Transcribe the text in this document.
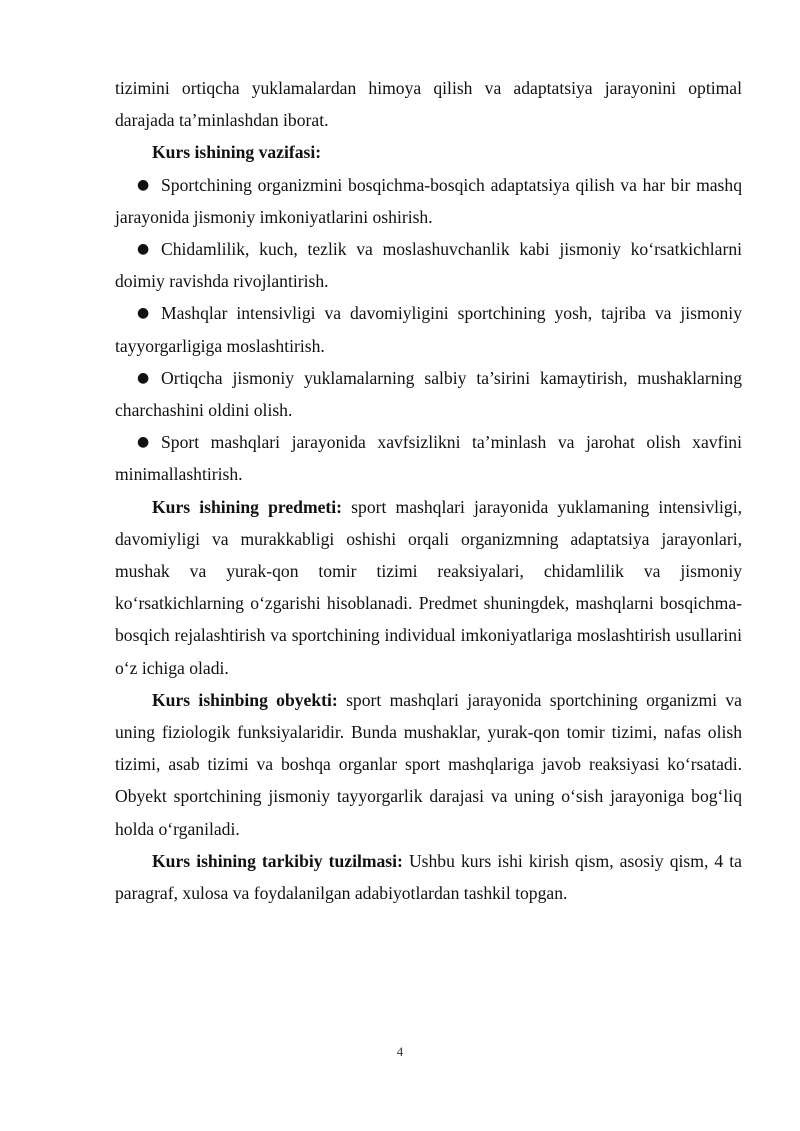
tizimini ortiqcha yuklamalardan himoya qilish va adaptatsiya jarayonini optimal darajada ta’minlashdan iborat.

Kurs ishining vazifasi:

● Sportchining organizmini bosqichma-bosqich adaptatsiya qilish va har bir mashq jarayonida jismoniy imkoniyatlarini oshirish.

● Chidamlilik, kuch, tezlik va moslashuvchanlik kabi jismoniy ko‘rsatkichlarni doimiy ravishda rivojlantirish.

● Mashqlar intensivligi va davomiyligini sportchining yosh, tajriba va jismoniy tayyorgarligiga moslashtirish.

● Ortiqcha jismoniy yuklamalarning salbiy ta’sirini kamaytirish, mushaklarning charchashini oldini olish.

● Sport mashqlari jarayonida xavfsizlikni ta’minlash va jarohat olish xavfini minimallashtirish.

Kurs ishining predmeti: sport mashqlari jarayonida yuklamaning intensivligi, davomiyligi va murakkabligi oshishi orqali organizmning adaptatsiya jarayonlari, mushak va yurak-qon tomir tizimi reaksiyalari, chidamlilik va jismoniy ko‘rsatkichlarning o‘zgarishi hisoblanadi. Predmet shuningdek, mashqlarni bosqichma-bosqich rejalashtirish va sportchining individual imkoniyatlariga moslashtirish usullarini o‘z ichiga oladi.

Kurs ishinbing obyekti: sport mashqlari jarayonida sportchining organizmi va uning fiziologik funksiyalaridir. Bunda mushaklar, yurak-qon tomir tizimi, nafas olish tizimi, asab tizimi va boshqa organlar sport mashqlariga javob reaksiyasi ko‘rsatadi. Obyekt sportchining jismoniy tayyorgarlik darajasi va uning o‘sish jarayoniga bog‘liq holda o‘rganiladi.

Kurs ishining tarkibiy tuzilmasi: Ushbu kurs ishi kirish qism, asosiy qism, 4 ta paragraf, xulosa va foydalanilgan adabiyotlardan tashkil topgan.

4
